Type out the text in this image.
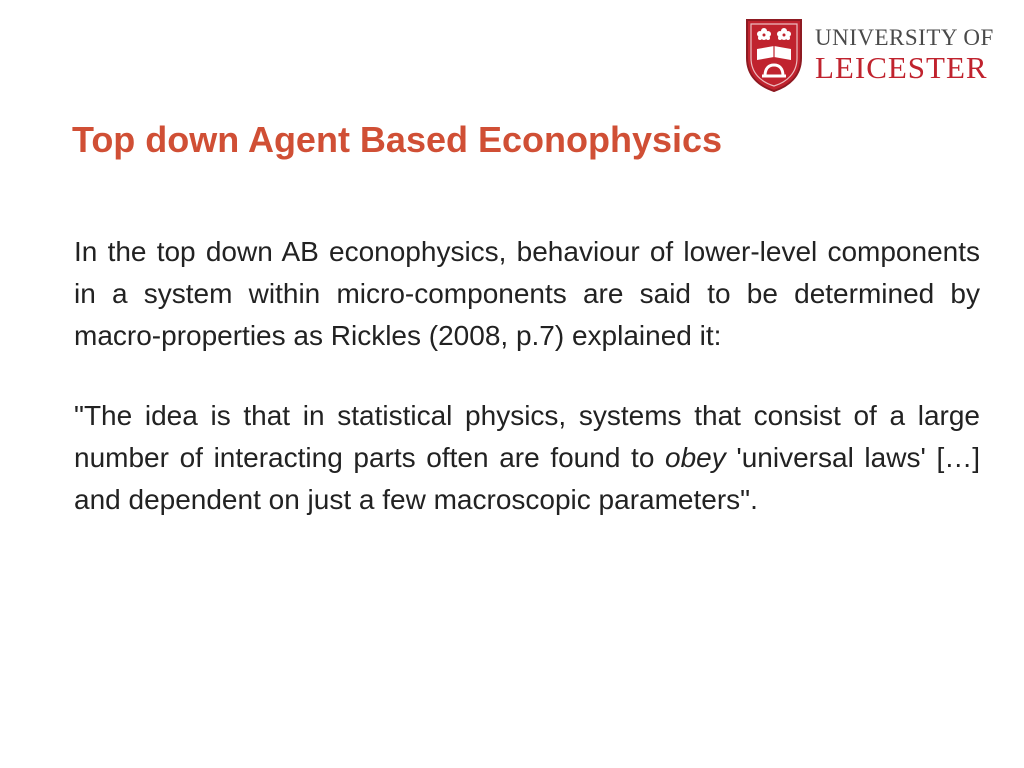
UNIVERSITY OF
LEICESTER
Top down Agent Based Econophysics

In the top down AB econophysics, behaviour of lower-level components in a system within micro-components are said to be determined by macro-properties as Rickles (2008, p.7) explained it:

"The idea is that in statistical physics, systems that consist of a large number of interacting parts often are found to obey 'universal laws' […] and dependent on just a few macroscopic parameters".
